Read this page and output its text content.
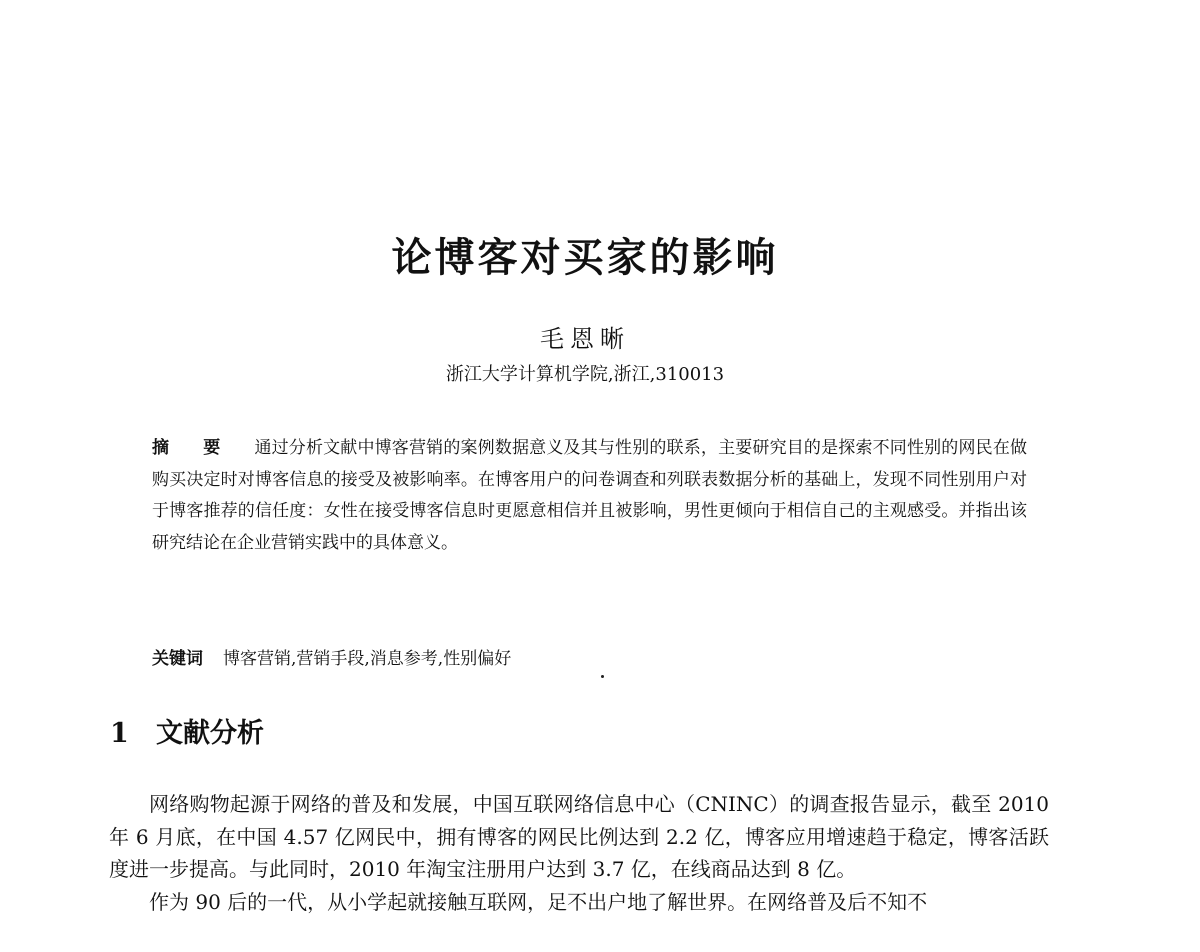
论博客对买家的影响
毛恩晰
浙江大学计算机学院,浙江,310013
摘 要 通过分析文献中博客营销的案例数据意义及其与性别的联系，主要研究目的是探索不同性别的网民在做购买决定时对博客信息的接受及被影响率。在博客用户的问卷调查和列联表数据分析的基础上，发现不同性别用户对于博客推荐的信任度：女性在接受博客信息时更愿意相信并且被影响，男性更倾向于相信自己的主观感受。并指出该研究结论在企业营销实践中的具体意义。
关键词 博客营销,营销手段,消息参考,性别偏好
1 文献分析

网络购物起源于网络的普及和发展，中国互联网络信息中心（CNINC）的调查报告显示，截至 2010 年 6 月底，在中国 4.57 亿网民中，拥有博客的网民比例达到 2.2 亿，博客应用增速趋于稳定，博客活跃度进一步提高。与此同时，2010 年淘宝注册用户达到 3.7 亿，在线商品达到 8 亿。

作为 90 后的一代，从小学起就接触互联网，足不出户地了解世界。在网络普及后不知不
